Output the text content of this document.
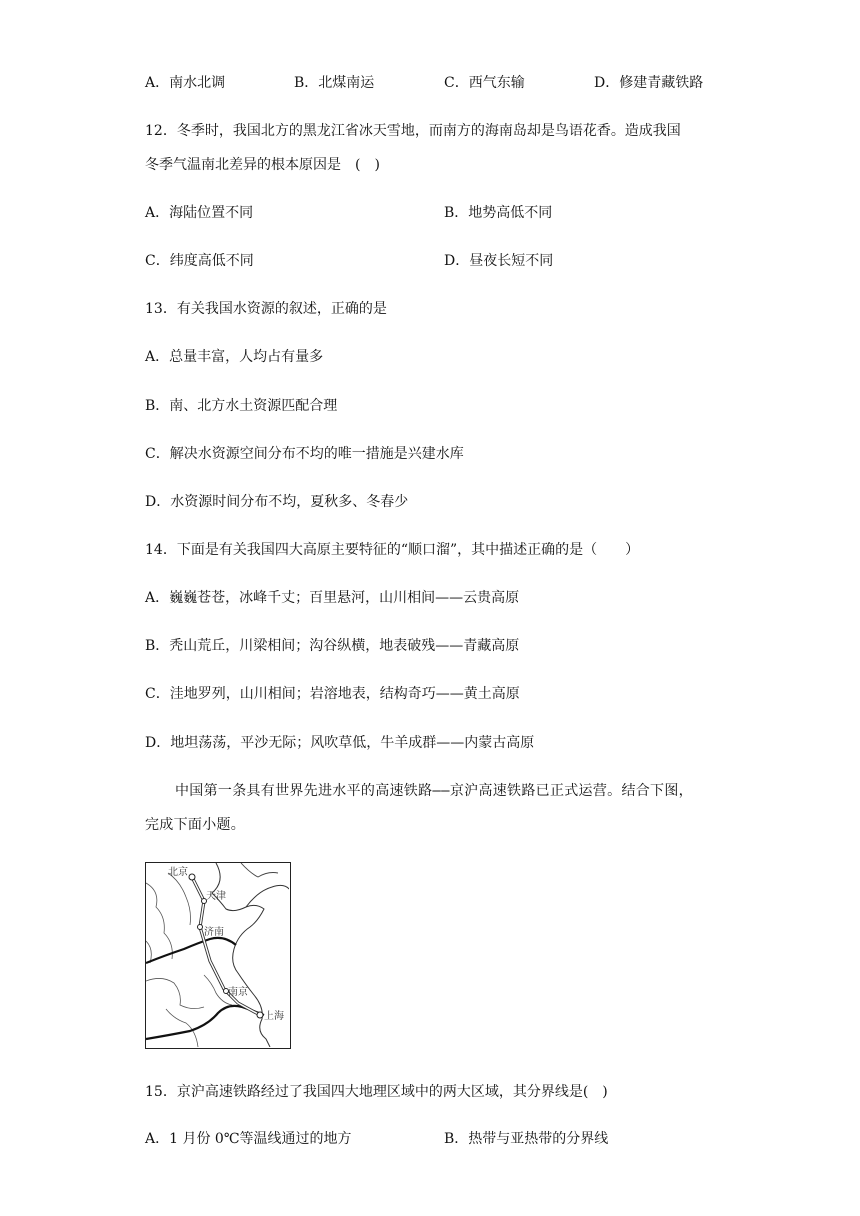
A．南水北调	B．北煤南运	C．西气东输	D．修建青藏铁路
12．冬季时，我国北方的黑龙江省冰天雪地，而南方的海南岛却是鸟语花香。造成我国
冬季气温南北差异的根本原因是　(　)
A．海陆位置不同	B．地势高低不同
C．纬度高低不同	D．昼夜长短不同
13．有关我国水资源的叙述，正确的是
A．总量丰富，人均占有量多
B．南、北方水土资源匹配合理
C．解决水资源空间分布不均的唯一措施是兴建水库
D．水资源时间分布不均，夏秋多、冬春少
14．下面是有关我国四大高原主要特征的“顺口溜”，其中描述正确的是（　　）
A．巍巍苍苍，冰峰千丈；百里悬河，山川相间——云贵高原
B．秃山荒丘，川梁相间；沟谷纵横，地表破残——青藏高原
C．洼地罗列，山川相间；岩溶地表，结构奇巧——黄土高原
D．地坦荡荡，平沙无际；风吹草低，牛羊成群——内蒙古高原
中国第一条具有世界先进水平的高速铁路——京沪高速铁路已正式运营。结合下图，
完成下面小题。
北京
天津
济南
南京
上海
15．京沪高速铁路经过了我国四大地理区域中的两大区域，其分界线是(　)
A．1 月份 0℃等温线通过的地方	B．热带与亚热带的分界线
